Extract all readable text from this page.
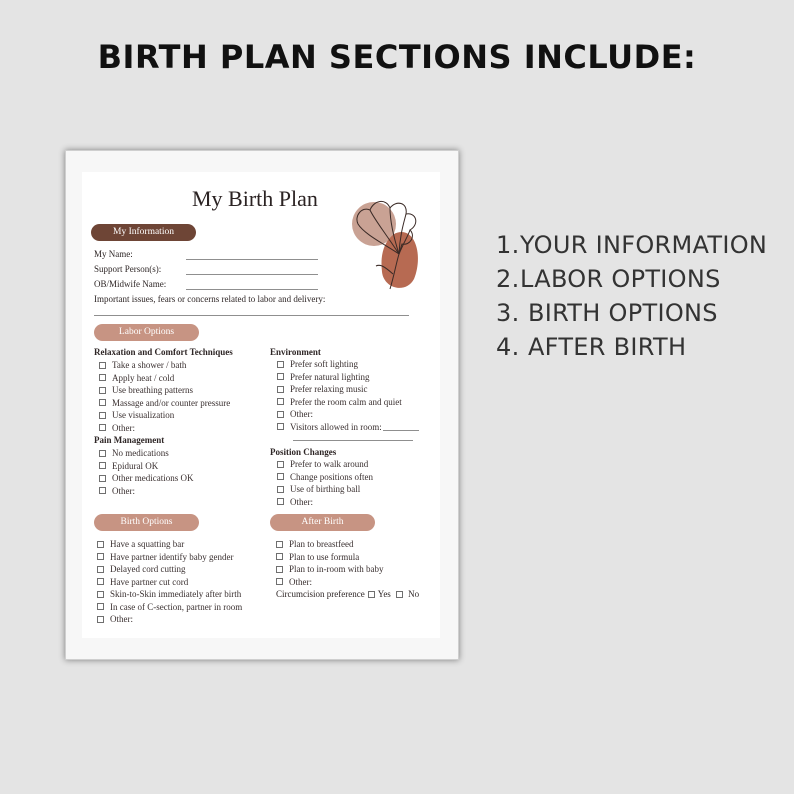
BIRTH PLAN SECTIONS INCLUDE:
1. YOUR INFORMATION
2. LABOR OPTIONS
3.
BIRTH OPTIONS
4.
AFTER BIRTH
My Birth Plan
My Information
My Name:
Support Person(s):
OB/Midwife Name:
Important issues, fears or concerns related to labor and delivery:
Labor Options
Relaxation and Comfort Techniques
Take a shower / bath
Apply heat / cold
Use breathing patterns
Massage and/or counter pressure
Use visualization
Other:
Pain Management
No medications
Epidural OK
Other medications OK
Other:
Environment
Prefer soft lighting
Prefer natural lighting
Prefer relaxing music
Prefer the room calm and quiet
Other:
Visitors allowed in room:
Position Changes
Prefer to walk around
Change positions often
Use of birthing ball
Other:
Birth Options
Have a squatting bar
Have partner identify baby gender
Delayed cord cutting
Have partner cut cord
Skin-to-Skin immediately after birth
In case of C-section, partner in room
Other:
After Birth
Plan to breastfeed
Plan to use formula
Plan to in-room with baby
Other:
Circumcision preference Yes No
